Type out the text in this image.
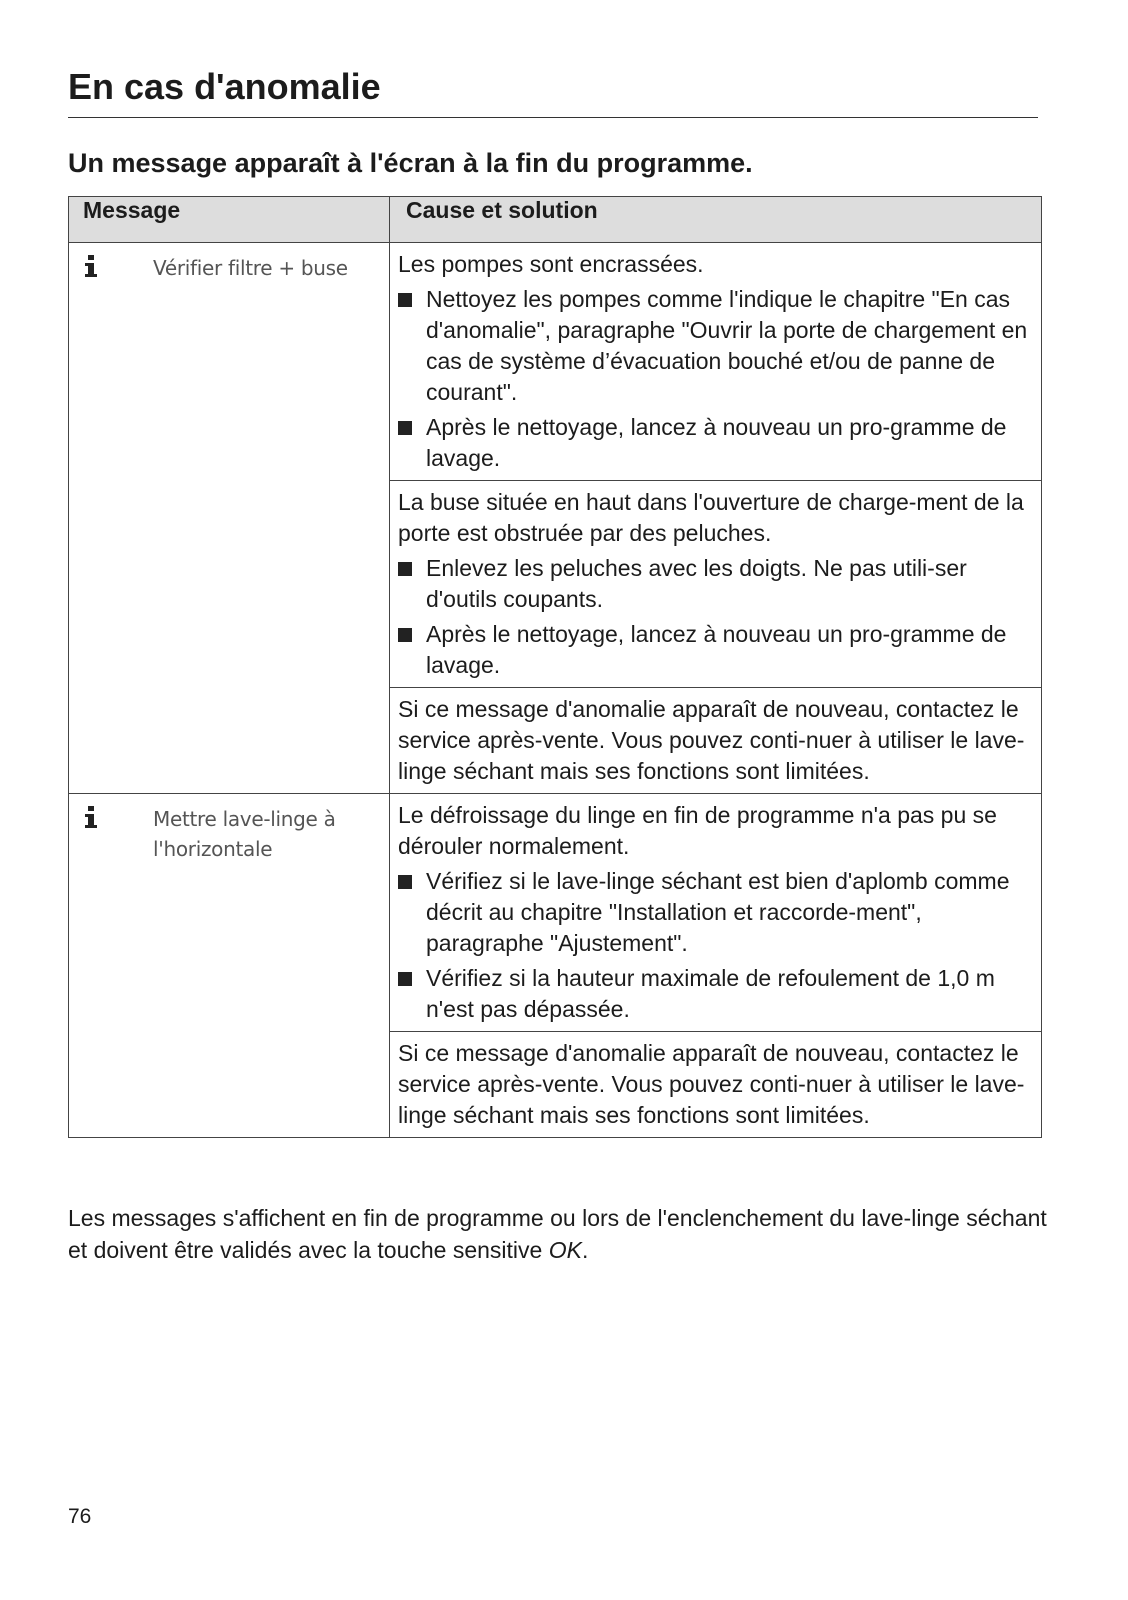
En cas d'anomalie
Un message apparaît à l'écran à la fin du programme.
Message	Cause et solution

Vérifier filtre + buse	Les pompes sont encrassées.

Nettoyez les pompes comme l'indique le chapitre "En cas d'anomalie", paragraphe "Ouvrir la porte de chargement en cas de système d’évacuation bouché et/ou de panne de courant".
Après le nettoyage, lancez à nouveau un pro-gramme de lavage.

	La buse située en haut dans l'ouverture de charge-ment de la porte est obstruée par des peluches.

Enlevez les peluches avec les doigts. Ne pas utili-ser d'outils coupants.
Après le nettoyage, lancez à nouveau un pro-gramme de lavage.

	Si ce message d'anomalie apparaît de nouveau, contactez le service après-vente. Vous pouvez conti-nuer à utiliser le lave-linge séchant mais ses fonctions sont limitées.

Mettre lave-linge à l'horizontale	Le défroissage du linge en fin de programme n'a pas pu se dérouler normalement.

Vérifiez si le lave-linge séchant est bien d'aplomb comme décrit au chapitre "Installation et raccorde-ment", paragraphe "Ajustement".
Vérifiez si la hauteur maximale de refoulement de 1,0 m n'est pas dépassée.

	Si ce message d'anomalie apparaît de nouveau, contactez le service après-vente. Vous pouvez conti-nuer à utiliser le lave-linge séchant mais ses fonctions sont limitées.

Les messages s'affichent en fin de programme ou lors de l'enclenchement du lave-linge séchant et doivent être validés avec la touche sensitive OK.

76
